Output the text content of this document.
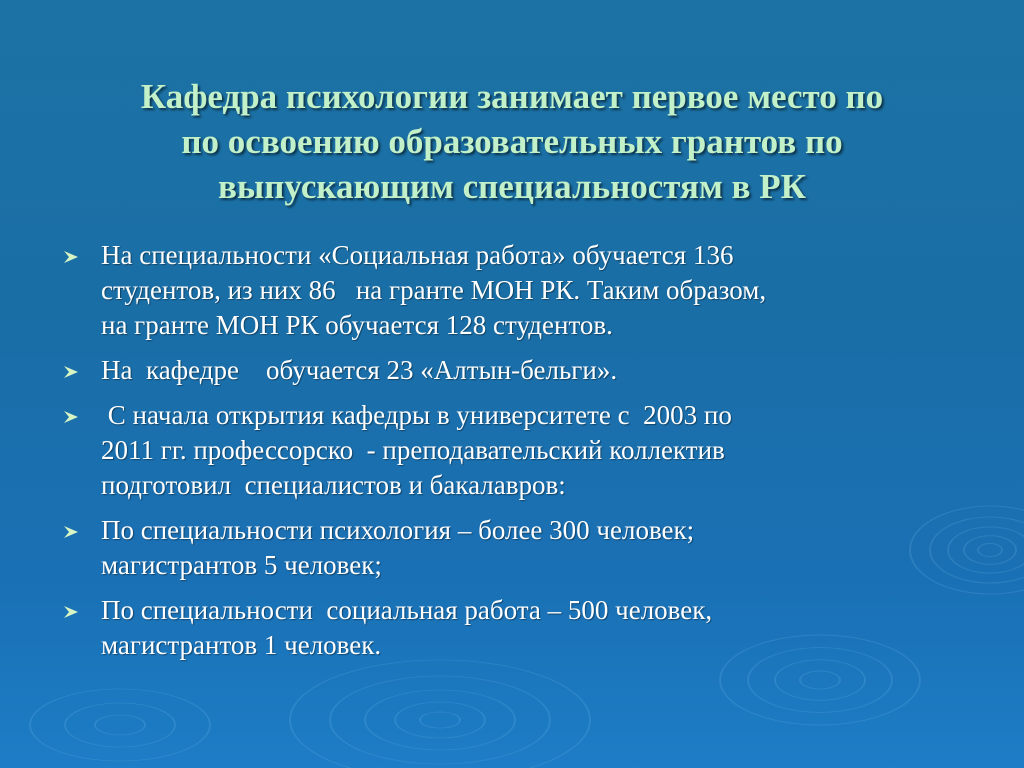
Кафедра психологии занимает первое место по
по освоению образовательных грантов по
выпускающим специальностям в РК
На специальности «Социальная работа» обучается 136
студентов, из них 86   на гранте МОН РК. Таким образом,
на гранте МОН РК обучается 128 студентов.
На  кафедре    обучается 23 «Алтын-бельги».
С начала открытия кафедры в университете с  2003 по
2011 гг. профессорско  - преподавательский коллектив
подготовил  специалистов и бакалавров:
По специальности психология – более 300 человек;
магистрантов 5 человек;
По специальности  социальная работа – 500 человек,
магистрантов 1 человек.
